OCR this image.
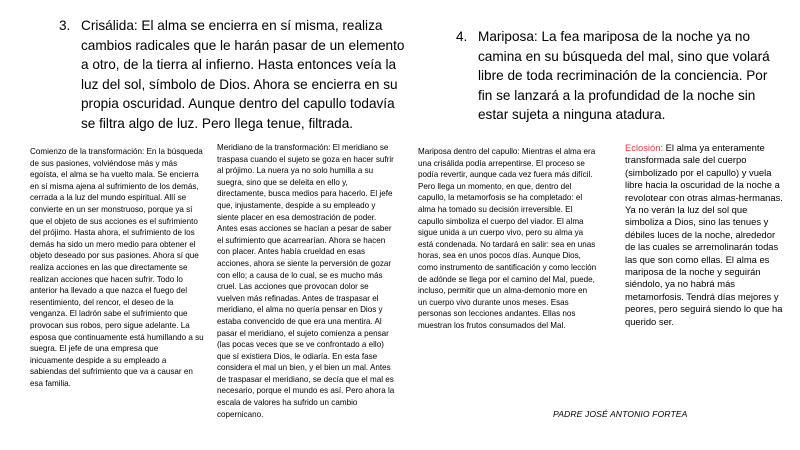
3. Crisálida: El alma se encierra en sí misma, realiza cambios radicales que le harán pasar de un elemento a otro, de la tierra al infierno. Hasta entonces veía la luz del sol, símbolo de Dios. Ahora se encierra en su propia oscuridad. Aunque dentro del capullo todavía se filtra algo de luz. Pero llega tenue, filtrada.
4. Mariposa: La fea mariposa de la noche ya no camina en su búsqueda del mal, sino que volará libre de toda recriminación de la conciencia. Por fin se lanzará a la profundidad de la noche sin estar sujeta a ninguna atadura.
Comienzo de la transformación: En la búsqueda de sus pasiones, volviéndose más y más egoísta, el alma se ha vuelto mala. Se encierra en sí misma ajena al sufrimiento de los demás, cerrada a la luz del mundo espiritual. Allí se convierte en un ser monstruoso, porque ya sí que el objeto de sus acciones es el sufrimiento del prójimo. Hasta ahora, el sufrimiento de los demás ha sido un mero medio para obtener el objeto deseado por sus pasiones. Ahora sí que realiza acciones en las que directamente se realizan acciones que hacen sufrir. Todo lo anterior ha llevado a que nazca el fuego del resentimiento, del rencor, el deseo de la venganza. El ladrón sabe el sufrimiento que provocan sus robos, pero sigue adelante. La esposa que continuamente está humillando a su suegra. El jefe de una empresa que inicuamente despide a su empleado a sabiendas del sufrimiento que va a causar en esa familia.
Meridiano de la transformación: El meridiano se traspasa cuando el sujeto se goza en hacer sufrir al prójimo. La nuera ya no solo humilla a su suegra, sino que se deleita en ello y, directamente, busca medios para hacerlo. El jefe que, injustamente, despide a su empleado y siente placer en esa demostración de poder. Antes esas acciones se hacían a pesar de saber el sufrimiento que acarrearían. Ahora se hacen con placer. Antes había crueldad en esas acciones, ahora se siente la perversión de gozar con ello; a causa de lo cual, se es mucho más cruel. Las acciones que provocan dolor se vuelven más refinadas. Antes de traspasar el meridiano, el alma no quería pensar en Dios y estaba convencido de que era una mentira. Al pasar el meridiano, el sujeto comienza a pensar (las pocas veces que se ve confrontado a ello) que sí existiera Dios, le odiaría. En esta fase considera el mal un bien, y el bien un mal. Antes de traspasar el meridiano, se decía que el mal es necesario, porque el mundo es así. Pero ahora la escala de valores ha sufrido un cambio copernicano.
Mariposa dentro del capullo: Mientras el alma era una crisálida podía arrepentirse. El proceso se podía revertir, aunque cada vez fuera más difícil. Pero llega un momento, en que, dentro del capullo, la metamorfosis se ha completado: el alma ha tomado su decisión irreversible. El capullo simboliza el cuerpo del viador. El alma sigue unida a un cuerpo vivo, pero su alma ya está condenada. No tardará en salir: sea en unas horas, sea en unos pocos días. Aunque Dios, como instrumento de santificación y como lección de adónde se llega por el camino del Mal, puede, incluso, permitir que un alma-demonio more en un cuerpo vivo durante unos meses. Esas personas son lecciones andantes. Ellas nos muestran los frutos consumados del Mal.
Eclosión: El alma ya enteramente transformada sale del cuerpo (simbolizado por el capullo) y vuela libre hacia la oscuridad de la noche a revolotear con otras almas-hermanas. Ya no verán la luz del sol que simboliza a Dios, sino las tenues y débiles luces de la noche, alrededor de las cuales se arremolinarán todas las que son como ellas. El alma es mariposa de la noche y seguirán siéndolo, ya no habrá más metamorfosis. Tendrá días mejores y peores, pero seguirá siendo lo que ha querido ser.
PADRE JOSÉ ANTONIO FORTEA
